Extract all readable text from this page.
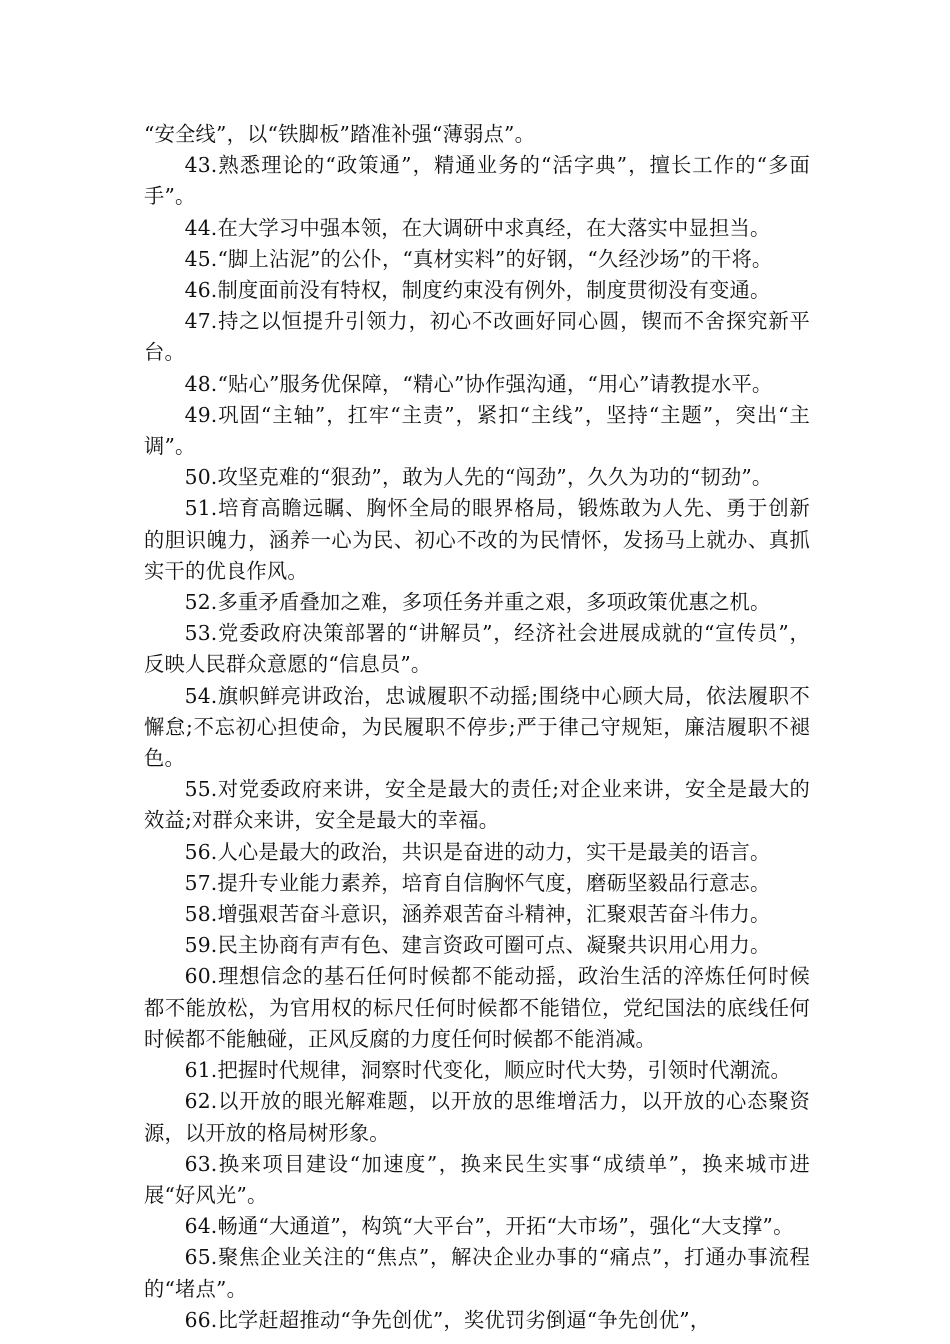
“安全线”，以“铁脚板”踏准补强“薄弱点”。

43.熟悉理论的“政策通”，精通业务的“活字典”，擅长工作的“多面手”。

44.在大学习中强本领，在大调研中求真经，在大落实中显担当。

45.“脚上沾泥”的公仆，“真材实料”的好钢，“久经沙场”的干将。

46.制度面前没有特权，制度约束没有例外，制度贯彻没有变通。

47.持之以恒提升引领力，初心不改画好同心圆，锲而不舍探究新平台。

48.“贴心”服务优保障，“精心”协作强沟通，“用心”请教提水平。

49.巩固“主轴”，扛牢“主责”，紧扣“主线”，坚持“主题”，突出“主调”。

50.攻坚克难的“狠劲”，敢为人先的“闯劲”，久久为功的“韧劲”。

51.培育高瞻远瞩、胸怀全局的眼界格局，锻炼敢为人先、勇于创新的胆识魄力，涵养一心为民、初心不改的为民情怀，发扬马上就办、真抓实干的优良作风。

52.多重矛盾叠加之难，多项任务并重之艰，多项政策优惠之机。

53.党委政府决策部署的“讲解员”，经济社会进展成就的“宣传员”，反映人民群众意愿的“信息员”。

54.旗帜鲜亮讲政治，忠诚履职不动摇;围绕中心顾大局，依法履职不懈怠;不忘初心担使命，为民履职不停步;严于律己守规矩，廉洁履职不褪色。

55.对党委政府来讲，安全是最大的责任;对企业来讲，安全是最大的效益;对群众来讲，安全是最大的幸福。

56.人心是最大的政治，共识是奋进的动力，实干是最美的语言。

57.提升专业能力素养，培育自信胸怀气度，磨砺坚毅品行意志。

58.增强艰苦奋斗意识，涵养艰苦奋斗精神，汇聚艰苦奋斗伟力。

59.民主协商有声有色、建言资政可圈可点、凝聚共识用心用力。

60.理想信念的基石任何时候都不能动摇，政治生活的淬炼任何时候都不能放松，为官用权的标尺任何时候都不能错位，党纪国法的底线任何时候都不能触碰，正风反腐的力度任何时候都不能消减。

61.把握时代规律，洞察时代变化，顺应时代大势，引领时代潮流。

62.以开放的眼光解难题，以开放的思维增活力，以开放的心态聚资源，以开放的格局树形象。

63.换来项目建设“加速度”，换来民生实事“成绩单”，换来城市进展“好风光”。

64.畅通“大通道”，构筑“大平台”，开拓“大市场”，强化“大支撑”。

65.聚焦企业关注的“焦点”，解决企业办事的“痛点”，打通办事流程的“堵点”。

66.比学赶超推动“争先创优”，奖优罚劣倒逼“争先创优”，
